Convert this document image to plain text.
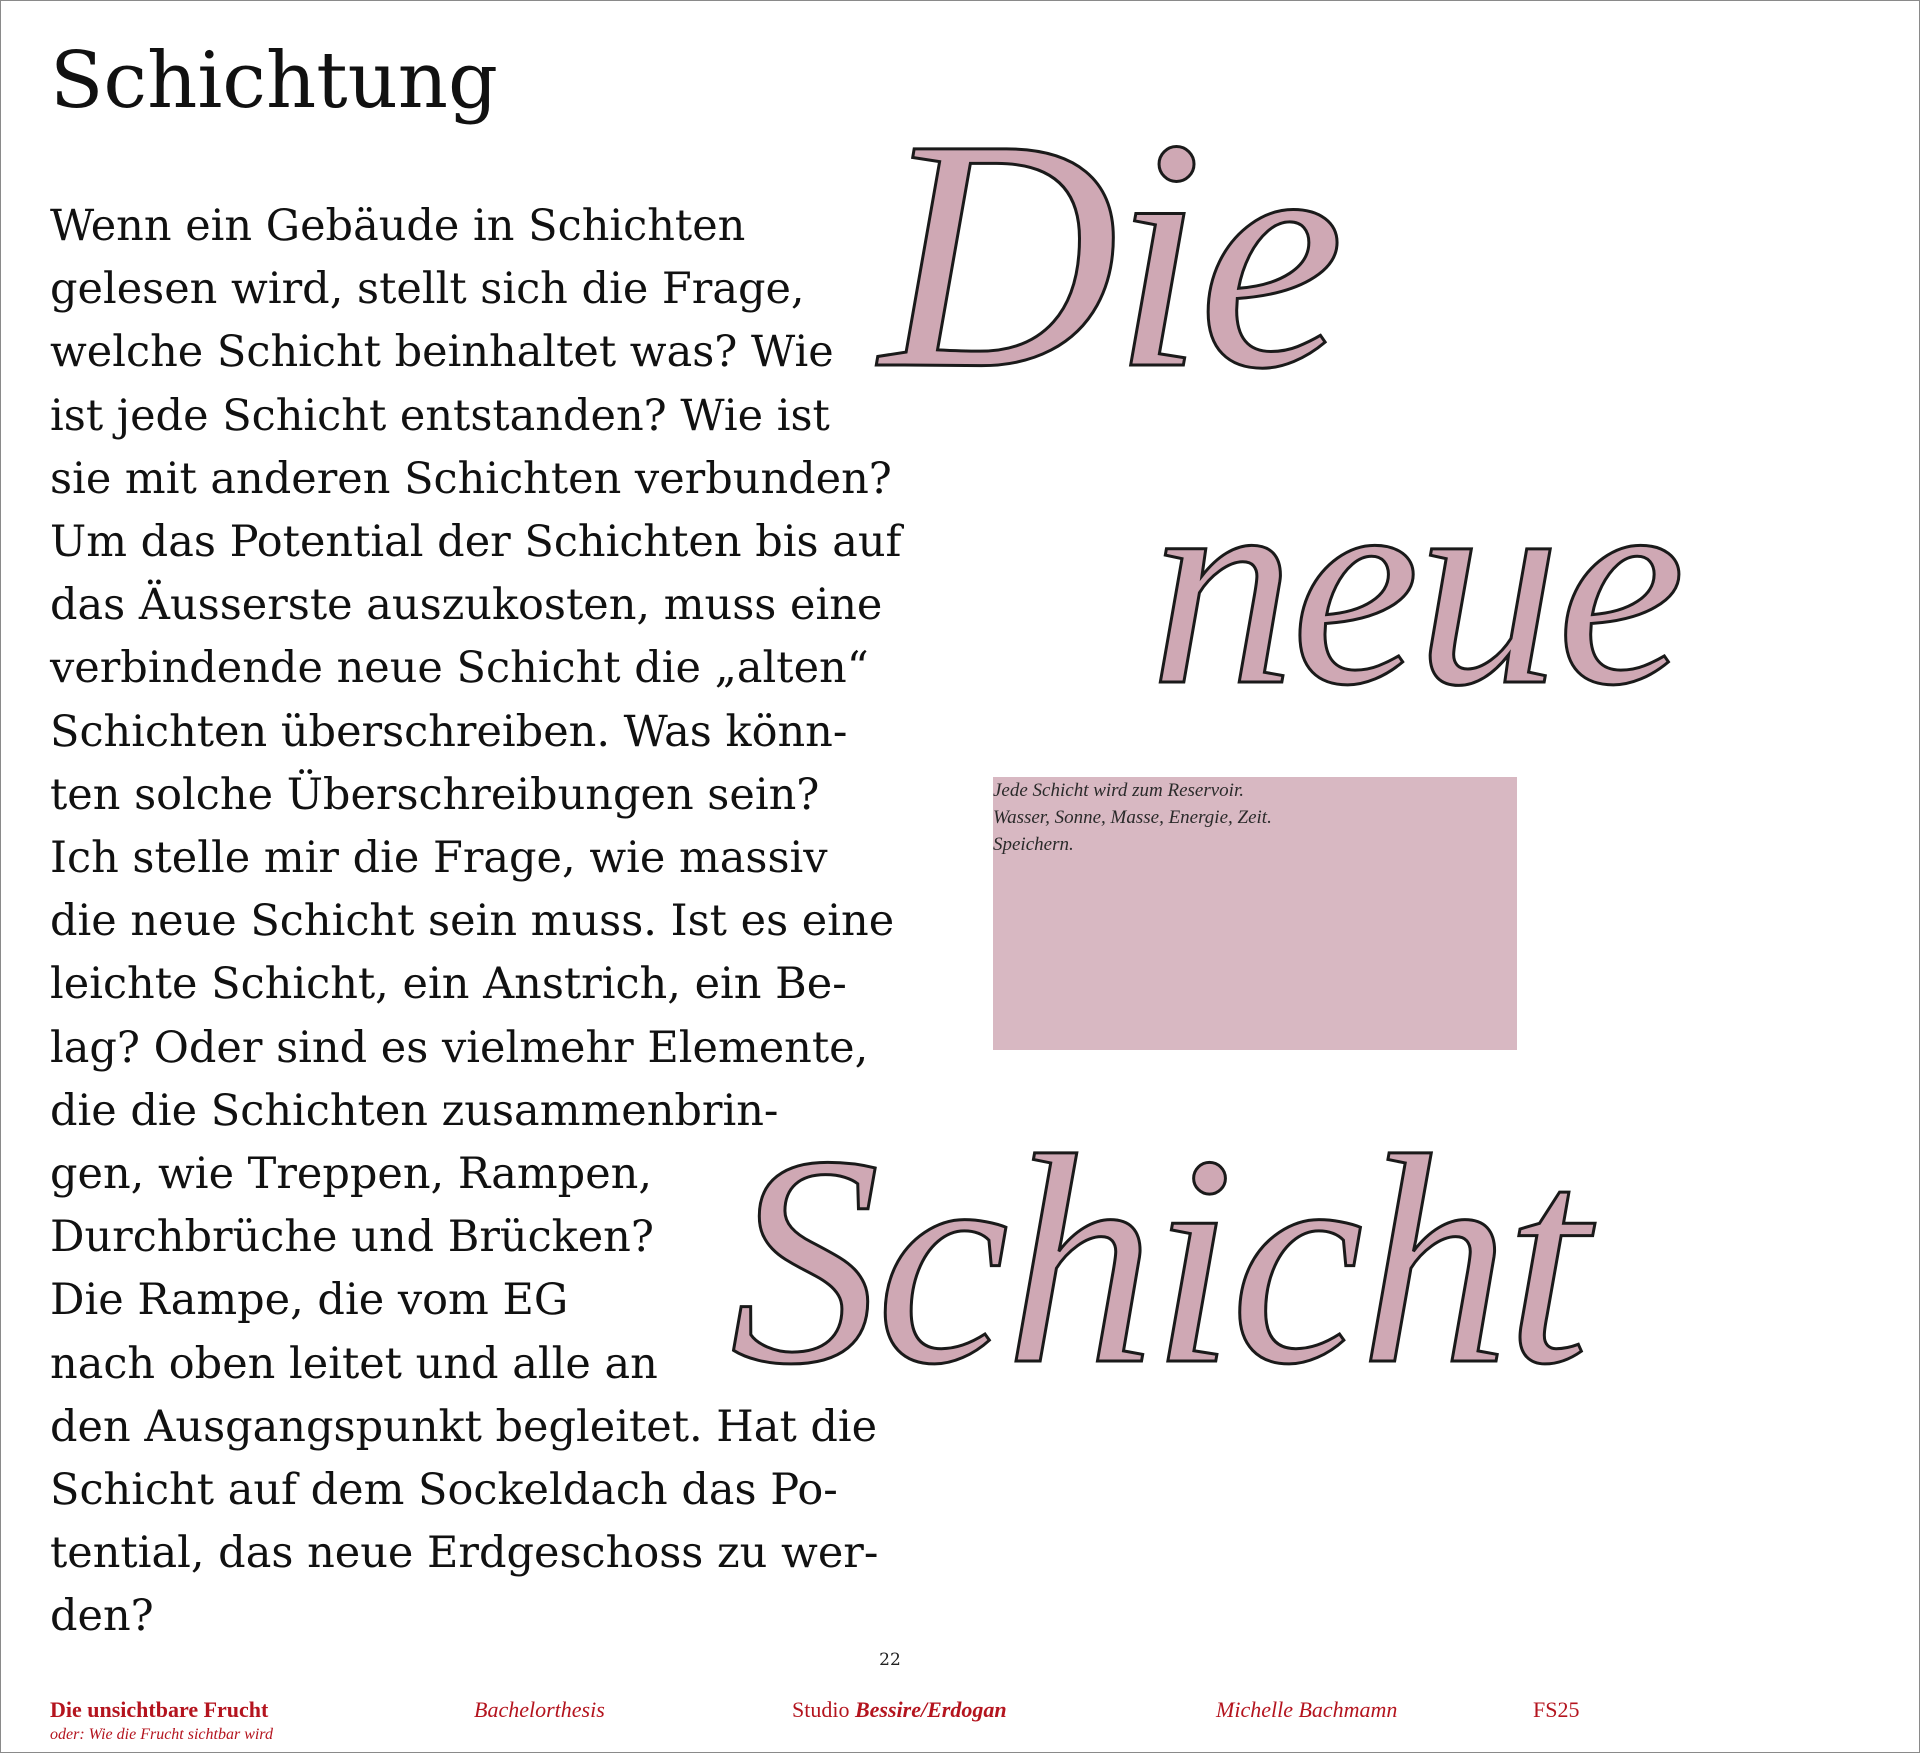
Schichtung
Wenn ein Gebäude in Schichten
gelesen wird, stellt sich die Frage,
welche Schicht beinhaltet was? Wie
ist jede Schicht entstanden? Wie ist
sie mit anderen Schichten verbunden?
Um das Potential der Schichten bis auf
das Äusserste auszukosten, muss eine
verbindende neue Schicht die „alten“
Schichten überschreiben. Was könn-
ten solche Überschreibungen sein?
Ich stelle mir die Frage, wie massiv
die neue Schicht sein muss. Ist es eine
leichte Schicht, ein Anstrich, ein Be-
lag? Oder sind es vielmehr Elemente,
die die Schichten zusammenbrin-
gen, wie Treppen, Rampen,
Durchbrüche und Brücken?
Die Rampe, die vom EG
nach oben leitet und alle an
den Ausgangspunkt begleitet. Hat die
Schicht auf dem Sockeldach das Po-
tential, das neue Erdgeschoss zu wer-
den?
Jede Schicht wird zum Reservoir.
Wasser, Sonne, Masse, Energie, Zeit.
Speichern.
Die
neue
Schicht
22
Die unsichtbare Frucht
oder: Wie die Frucht sichtbar wird
Bachelorthesis	Studio Bessire/Erdogan	Michelle Bachmamn	FS25
